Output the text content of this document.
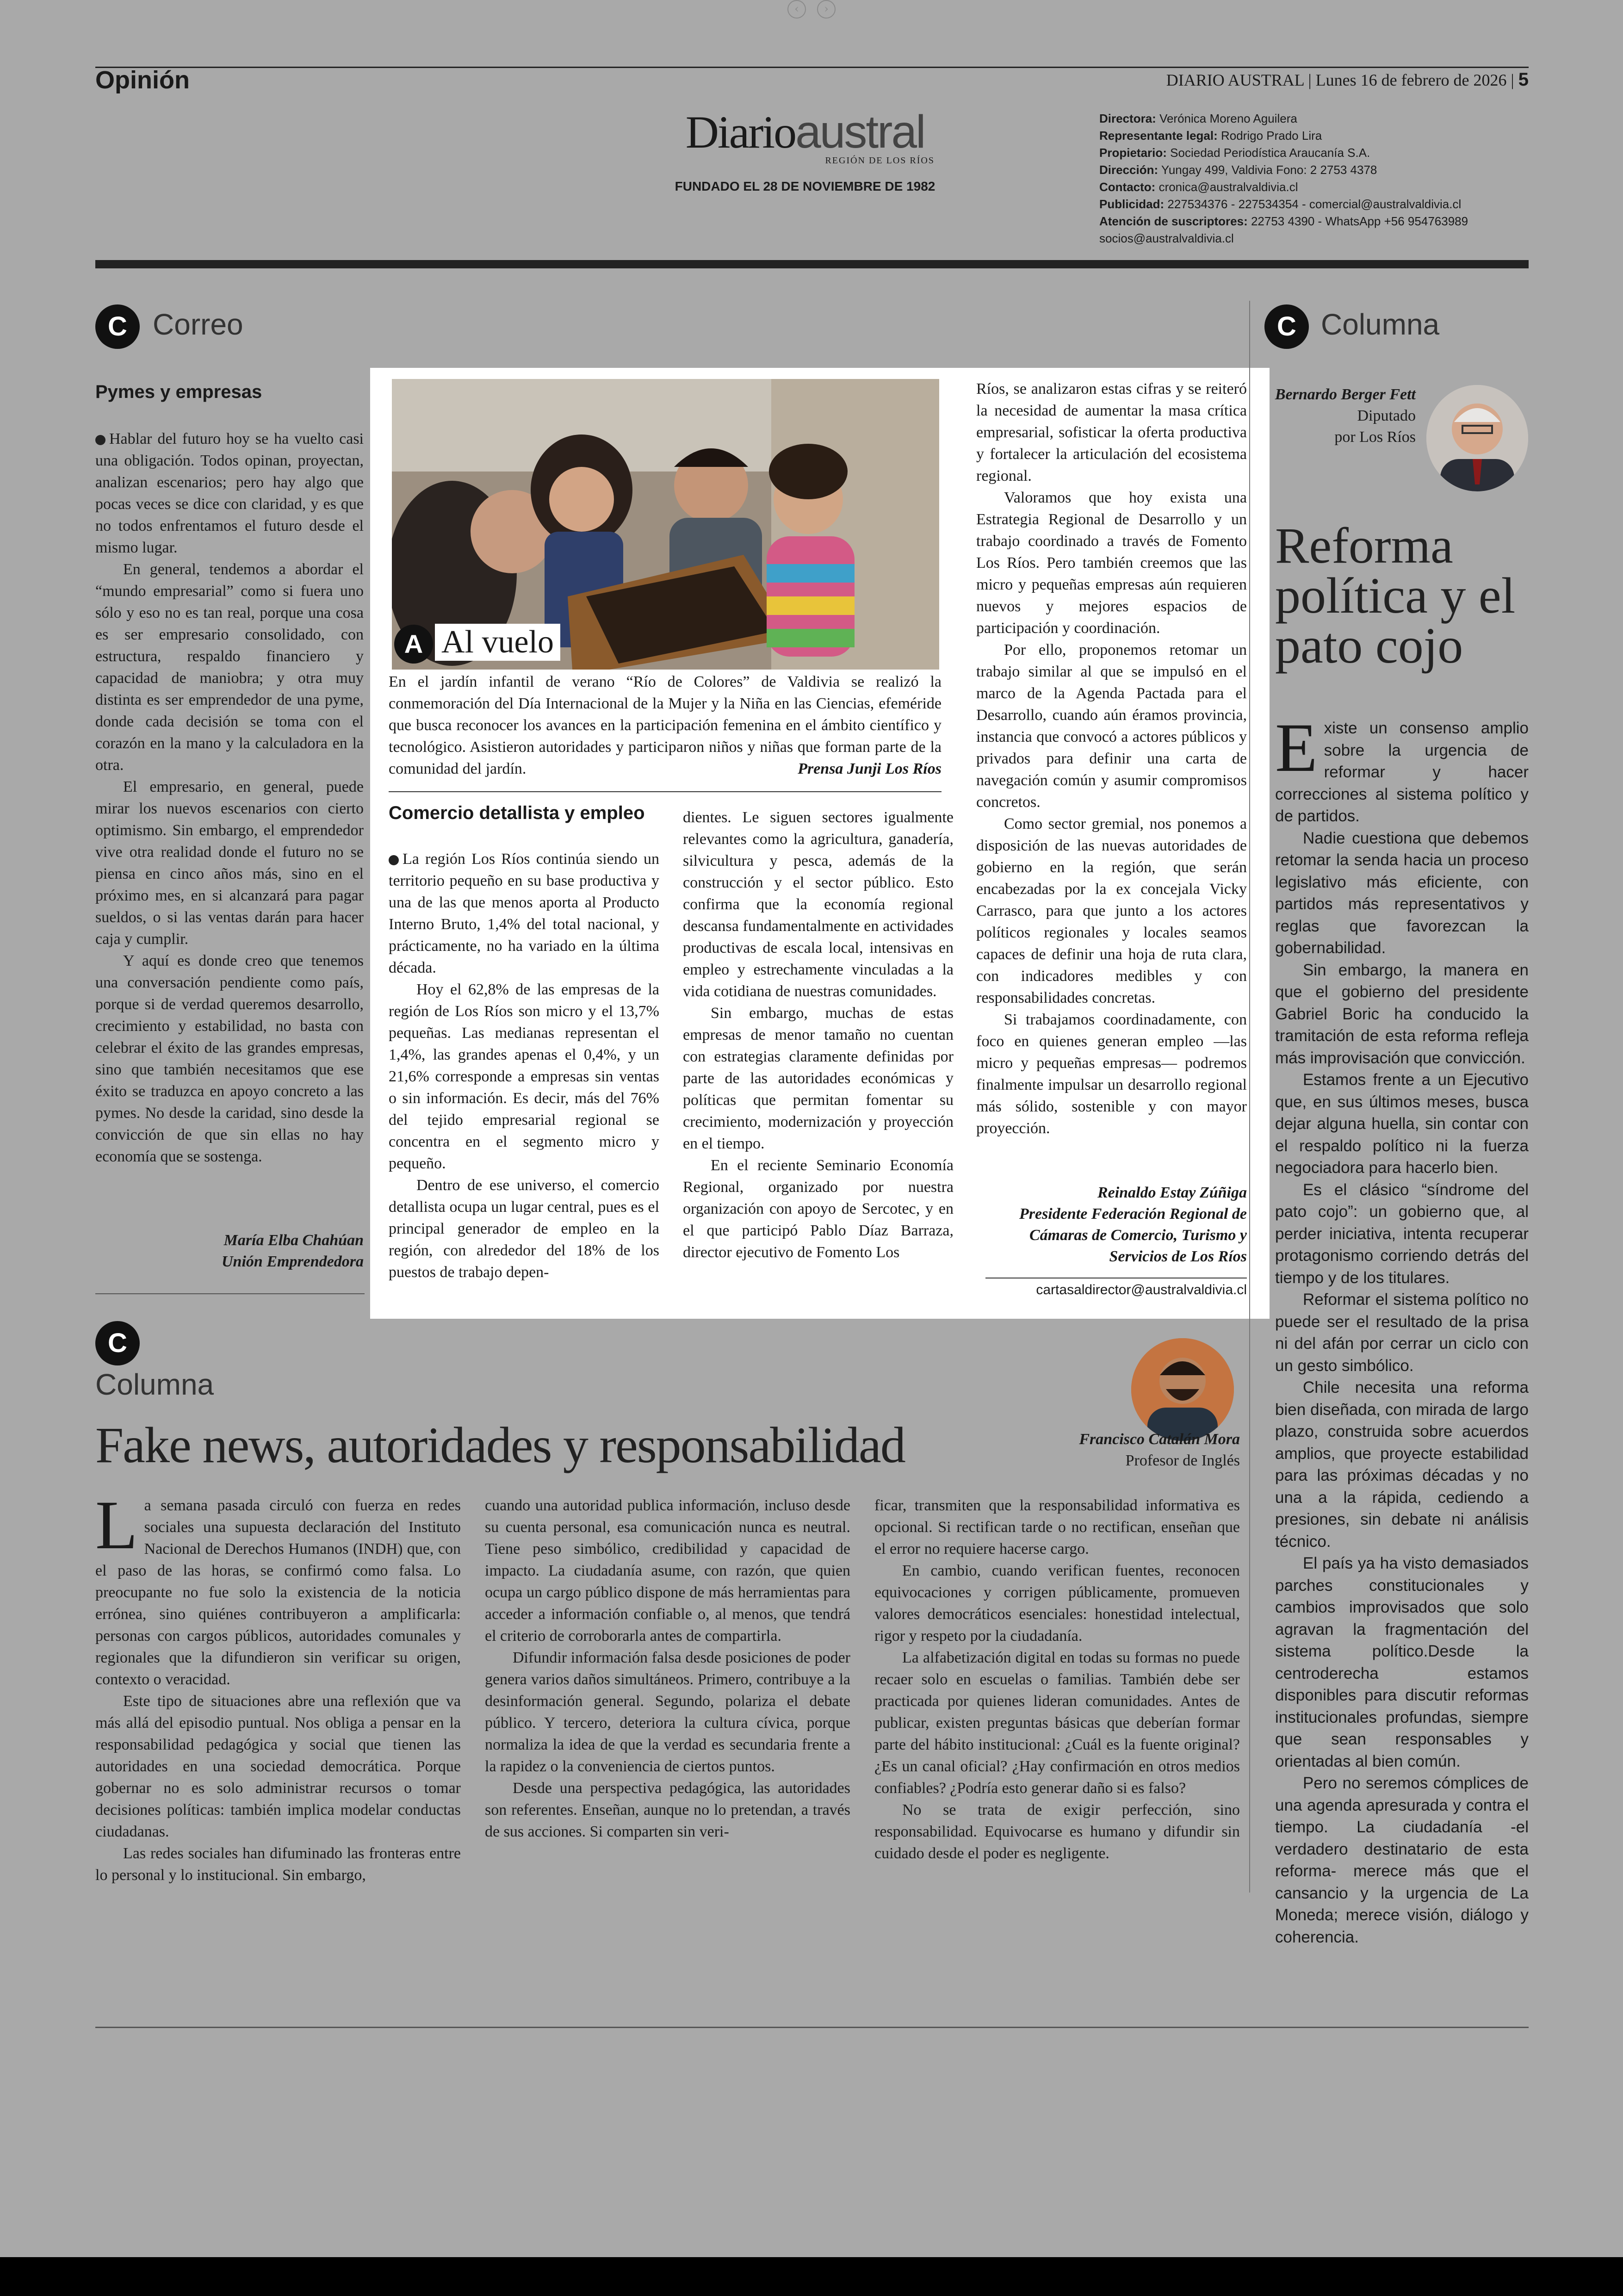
‹ ›
Opinión	DIARIO AUSTRAL | Lunes 16 de febrero de 2026 | 5
Diarioaustral
REGIÓN DE LOS RÍOS
FUNDADO EL 28 DE NOVIEMBRE DE 1982
Directora: Verónica Moreno Aguilera
Representante legal: Rodrigo Prado Lira
Propietario: Sociedad Periodística Araucanía S.A.
Dirección: Yungay 499, Valdivia Fono: 2 2753 4378
Contacto: cronica@australvaldivia.cl
Publicidad: 227534376 - 227534354 - comercial@australvaldivia.cl
Atención de suscriptores: 22753 4390 - WhatsApp +56 954763989
socios@australvaldivia.cl
C Correo
Pymes y empresas

Hablar del futuro hoy se ha vuelto casi una obligación. Todos opinan, proyectan, analizan escenarios; pero hay algo que pocas veces se dice con claridad, y es que no todos enfrentamos el futuro desde el mismo lugar.

En general, tendemos a abordar el “mundo empresarial” como si fuera uno sólo y eso no es tan real, porque una cosa es ser empresario consolidado, con estructura, respaldo financiero y capacidad de maniobra; y otra muy distinta es ser emprendedor de una pyme, donde cada decisión se toma con el corazón en la mano y la calculadora en la otra.

El empresario, en general, puede mirar los nuevos escenarios con cierto optimismo. Sin embargo, el emprendedor vive otra realidad donde el futuro no se piensa en cinco años más, sino en el próximo mes, en si alcanzará para pagar sueldos, o si las ventas darán para hacer caja y cumplir.

Y aquí es donde creo que tenemos una conversación pendiente como país, porque si de verdad queremos desarrollo, crecimiento y estabilidad, no basta con celebrar el éxito de las grandes empresas, sino que también necesitamos que ese éxito se traduzca en apoyo concreto a las pymes. No desde la caridad, sino desde la convicción de que sin ellas no hay economía que se sostenga.

María Elba Chahúan
Unión Emprendedora
A Al vuelo
En el jardín infantil de verano “Río de Colores” de Valdivia se realizó la conmemoración del Día Internacional de la Mujer y la Niña en las Ciencias, efeméride que busca reconocer los avances en la participación femenina en el ámbito científico y tecnológico. Asistieron autoridades y participaron niños y niñas que forman parte de la comunidad del jardín.	Prensa Junji Los Ríos
Comercio detallista y empleo

La región Los Ríos continúa siendo un territorio pequeño en su base productiva y una de las que menos aporta al Producto Interno Bruto, 1,4% del total nacional, y prácticamente, no ha variado en la última década.

Hoy el 62,8% de las empresas de la región de Los Ríos son micro y el 13,7% pequeñas. Las medianas representan el 1,4%, las grandes apenas el 0,4%, y un 21,6% corresponde a empresas sin ventas o sin información. Es decir, más del 76% del tejido empresarial regional se concentra en el segmento micro y pequeño.

Dentro de ese universo, el comercio detallista ocupa un lugar central, pues es el principal generador de empleo en la región, con alrededor del 18% de los puestos de trabajo depen-

dientes. Le siguen sectores igualmente relevantes como la agricultura, ganadería, silvicultura y pesca, además de la construcción y el sector público. Esto confirma que la economía regional descansa fundamentalmente en actividades productivas de escala local, intensivas en empleo y estrechamente vinculadas a la vida cotidiana de nuestras comunidades.

Sin embargo, muchas de estas empresas de menor tamaño no cuentan con estrategias claramente definidas por parte de las autoridades económicas y políticas que permitan fomentar su crecimiento, modernización y proyección en el tiempo.

En el reciente Seminario Economía Regional, organizado por nuestra organización con apoyo de Sercotec, y en el que participó Pablo Díaz Barraza, director ejecutivo de Fomento Los

Ríos, se analizaron estas cifras y se reiteró la necesidad de aumentar la masa crítica empresarial, sofisticar la oferta productiva y fortalecer la articulación del ecosistema regional.

Valoramos que hoy exista una Estrategia Regional de Desarrollo y un trabajo coordinado a través de Fomento Los Ríos. Pero también creemos que las micro y pequeñas empresas aún requieren nuevos y mejores espacios de participación y coordinación.

Por ello, proponemos retomar un trabajo similar al que se impulsó en el marco de la Agenda Pactada para el Desarrollo, cuando aún éramos provincia, instancia que convocó a actores públicos y privados para definir una carta de navegación común y asumir compromisos concretos.

Como sector gremial, nos ponemos a disposición de las nuevas autoridades de gobierno en la región, que serán encabezadas por la ex concejala Vicky Carrasco, para que junto a los actores políticos regionales y locales seamos capaces de definir una hoja de ruta clara, con indicadores medibles y con responsabilidades concretas.

Si trabajamos coordinadamente, con foco en quienes generan empleo —las micro y pequeñas empresas— podremos finalmente impulsar un desarrollo regional más sólido, sostenible y con mayor proyección.

Reinaldo Estay Zúñiga
Presidente Federación Regional de Cámaras de Comercio, Turismo y Servicios de Los Ríos
cartasaldirector@australvaldivia.cl
C Columna
Bernardo Berger Fett
Diputado
por Los Ríos
Reforma política y el pato cojo

Existe un consenso amplio sobre la urgencia de reformar y hacer correcciones al sistema político y de partidos.

Nadie cuestiona que debemos retomar la senda hacia un proceso legislativo más eficiente, con partidos más representativos y reglas que favorezcan la gobernabilidad.

Sin embargo, la manera en que el gobierno del presidente Gabriel Boric ha conducido la tramitación de esta reforma refleja más improvisación que convicción.

Estamos frente a un Ejecutivo que, en sus últimos meses, busca dejar alguna huella, sin contar con el respaldo político ni la fuerza negociadora para hacerlo bien.

Es el clásico “síndrome del pato cojo”: un gobierno que, al perder iniciativa, intenta recuperar protagonismo corriendo detrás del tiempo y de los titulares.

Reformar el sistema político no puede ser el resultado de la prisa ni del afán por cerrar un ciclo con un gesto simbólico.

Chile necesita una reforma bien diseñada, con mirada de largo plazo, construida sobre acuerdos amplios, que proyecte estabilidad para las próximas décadas y no una a la rápida, cediendo a presiones, sin debate ni análisis técnico.

El país ya ha visto demasiados parches constitucionales y cambios improvisados que solo agravan la fragmentación del sistema político.Desde la centroderecha estamos disponibles para discutir reformas institucionales profundas, siempre que sean responsables y orientadas al bien común.

Pero no seremos cómplices de una agenda apresurada y contra el tiempo. La ciudadanía -el verdadero destinatario de esta reforma- merece más que el cansancio y la urgencia de La Moneda; merece visión, diálogo y coherencia.

C
Columna
Fake news, autoridades y responsabilidad	Francisco Catalán Mora
Profesor de Inglés

La semana pasada circuló con fuerza en redes sociales una supuesta declaración del Instituto Nacional de Derechos Humanos (INDH) que, con el paso de las horas, se confirmó como falsa. Lo preocupante no fue solo la existencia de la noticia errónea, sino quiénes contribuyeron a amplificarla: personas con cargos públicos, autoridades comunales y regionales que la difundieron sin verificar su origen, contexto o veracidad.

Este tipo de situaciones abre una reflexión que va más allá del episodio puntual. Nos obliga a pensar en la responsabilidad pedagógica y social que tienen las autoridades en una sociedad democrática. Porque gobernar no es solo administrar recursos o tomar decisiones políticas: también implica modelar conductas ciudadanas.

Las redes sociales han difuminado las fronteras entre lo personal y lo institucional. Sin embargo,

cuando una autoridad publica información, incluso desde su cuenta personal, esa comunicación nunca es neutral. Tiene peso simbólico, credibilidad y capacidad de impacto. La ciudadanía asume, con razón, que quien ocupa un cargo público dispone de más herramientas para acceder a información confiable o, al menos, que tendrá el criterio de corroborarla antes de compartirla.

Difundir información falsa desde posiciones de poder genera varios daños simultáneos. Primero, contribuye a la desinformación general. Segundo, polariza el debate público. Y tercero, deteriora la cultura cívica, porque normaliza la idea de que la verdad es secundaria frente a la rapidez o la conveniencia de ciertos puntos.

Desde una perspectiva pedagógica, las autoridades son referentes. Enseñan, aunque no lo pretendan, a través de sus acciones. Si comparten sin veri-

ficar, transmiten que la responsabilidad informativa es opcional. Si rectifican tarde o no rectifican, enseñan que el error no requiere hacerse cargo.

En cambio, cuando verifican fuentes, reconocen equivocaciones y corrigen públicamente, promueven valores democráticos esenciales: honestidad intelectual, rigor y respeto por la ciudadanía.

La alfabetización digital en todas su formas no puede recaer solo en escuelas o familias. También debe ser practicada por quienes lideran comunidades. Antes de publicar, existen preguntas básicas que deberían formar parte del hábito institucional: ¿Cuál es la fuente original? ¿Es un canal oficial? ¿Hay confirmación en otros medios confiables? ¿Podría esto generar daño si es falso?

No se trata de exigir perfección, sino responsabilidad. Equivocarse es humano y difundir sin cuidado desde el poder es negligente.
